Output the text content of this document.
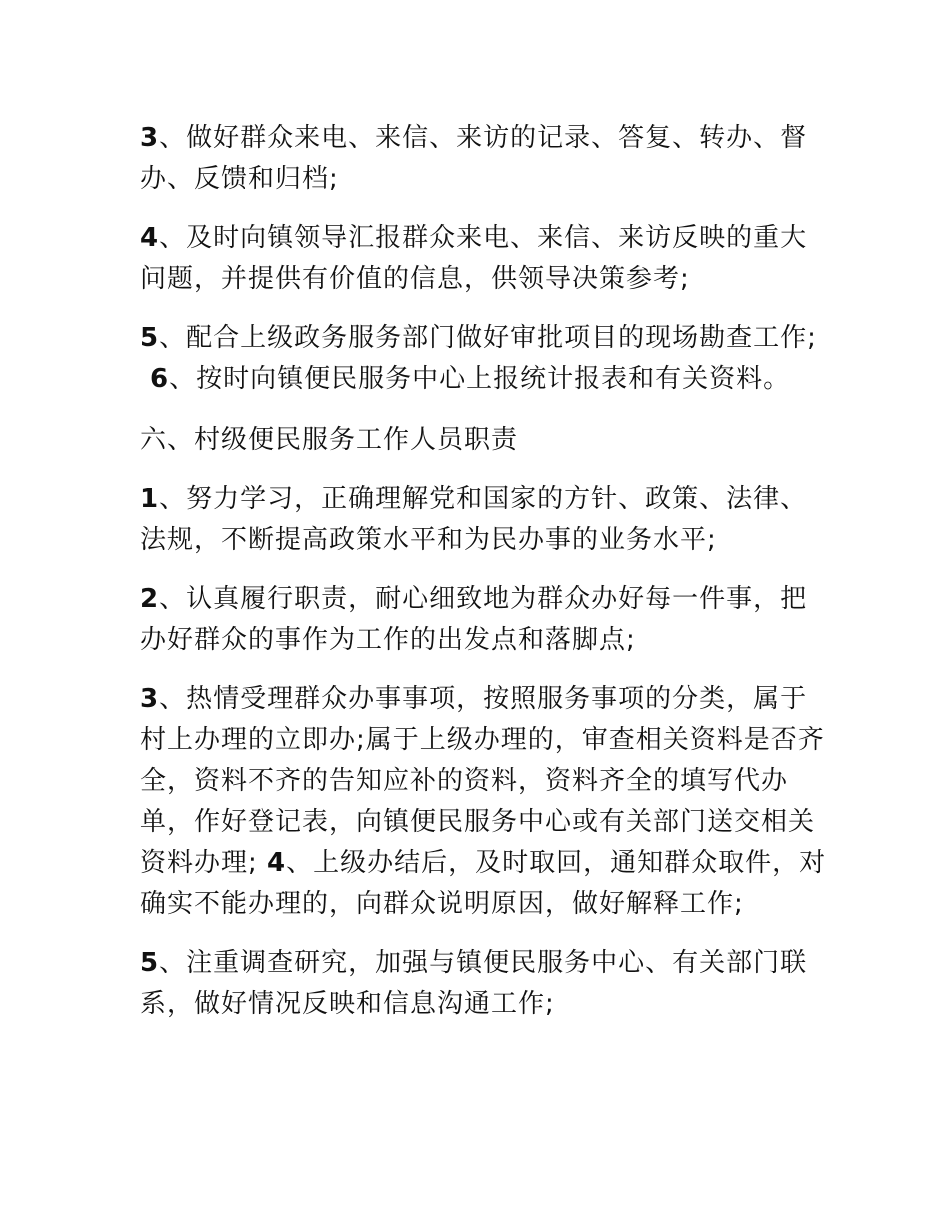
3、做好群众来电、来信、来访的记录、答复、转办、督办、反馈和归档;

4、及时向镇领导汇报群众来电、来信、来访反映的重大问题，并提供有价值的信息，供领导决策参考;

5、配合上级政务服务部门做好审批项目的现场勘查工作;

6、按时向镇便民服务中心上报统计报表和有关资料。

六、村级便民服务工作人员职责

1、努力学习，正确理解党和国家的方针、政策、法律、法规，不断提高政策水平和为民办事的业务水平;

2、认真履行职责，耐心细致地为群众办好每一件事，把办好群众的事作为工作的出发点和落脚点;

3、热情受理群众办事事项，按照服务事项的分类，属于村上办理的立即办;属于上级办理的，审查相关资料是否齐全，资料不齐的告知应补的资料，资料齐全的填写代办单，作好登记表，向镇便民服务中心或有关部门送交相关资料办理; 4、上级办结后，及时取回，通知群众取件，对确实不能办理的，向群众说明原因，做好解释工作;

5、注重调查研究，加强与镇便民服务中心、有关部门联系，做好情况反映和信息沟通工作;
